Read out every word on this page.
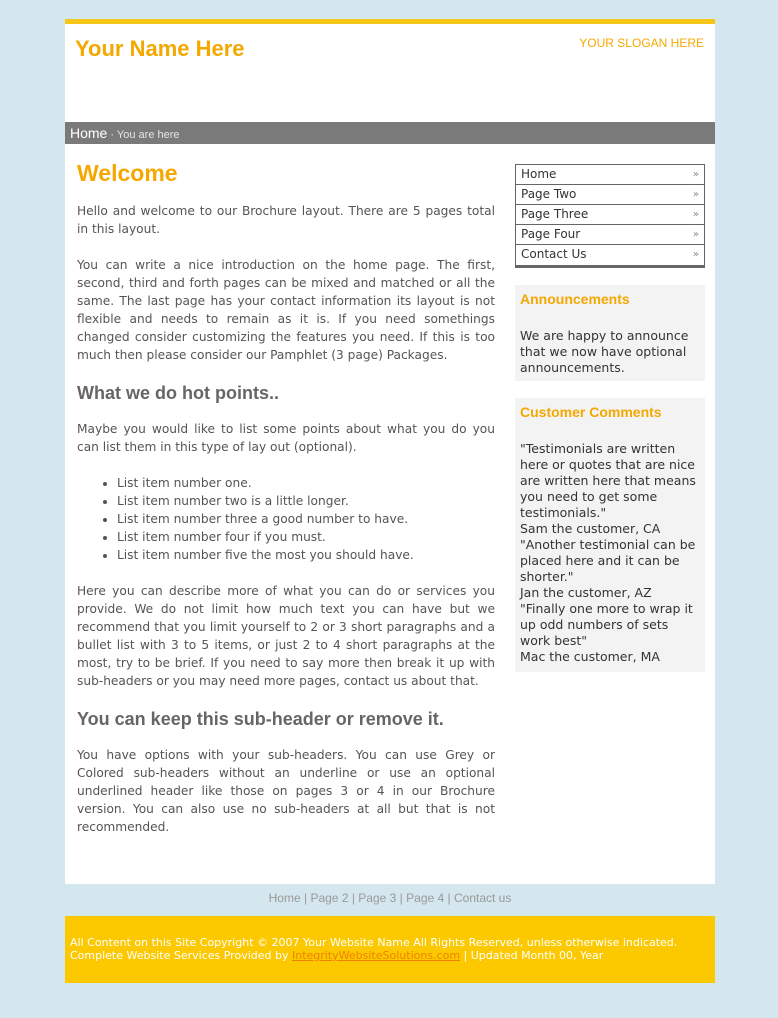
Your Name Here	YOUR SLOGAN HERE
Home · You are here
Welcome

Hello and welcome to our Brochure layout. There are 5 pages total in this layout.

You can write a nice introduction on the home page. The first, second, third and forth pages can be mixed and matched or all the same. The last page has your contact information its layout is not flexible and needs to remain as it is. If you need somethings changed consider customizing the features you need. If this is too much then please consider our Pamphlet (3 page) Packages.

What we do hot points..

Maybe you would like to list some points about what you do you can list them in this type of lay out (optional).

• List item number one.
• List item number two is a little longer.
• List item number three a good number to have.
• List item number four if you must.
• List item number five the most you should have.

Here you can describe more of what you can do or services you provide. We do not limit how much text you can have but we recommend that you limit yourself to 2 or 3 short paragraphs and a bullet list with 3 to 5 items, or just 2 to 4 short paragraphs at the most, try to be brief. If you need to say more then break it up with sub-headers or you may need more pages, contact us about that.

You can keep this sub-header or remove it.

You have options with your sub-headers. You can use Grey or Colored sub-headers without an underline or use an optional underlined header like those on pages 3 or 4 in our Brochure version. You can also use no sub-headers at all but that is not recommended.

Home	»
Page Two	»
Page Three	»
Page Four	»
Contact Us	»
Announcements

We are happy to announce that we now have optional announcements.

Customer Comments

"Testimonials are written here or quotes that are nice are written here that means you need to get some testimonials."

Sam the customer, CA

"Another testimonial can be placed here and it can be shorter."

Jan the customer, AZ

"Finally one more to wrap it up odd numbers of sets work best"

Mac the customer, MA

Home | Page 2 | Page 3 | Page 4 | Contact us
All Content on this Site Copyright © 2007 Your Website Name All Rights Reserved, unless otherwise indicated.
Complete Website Services Provided by IntegrityWebsiteSolutions.com | Updated Month 00, Year
